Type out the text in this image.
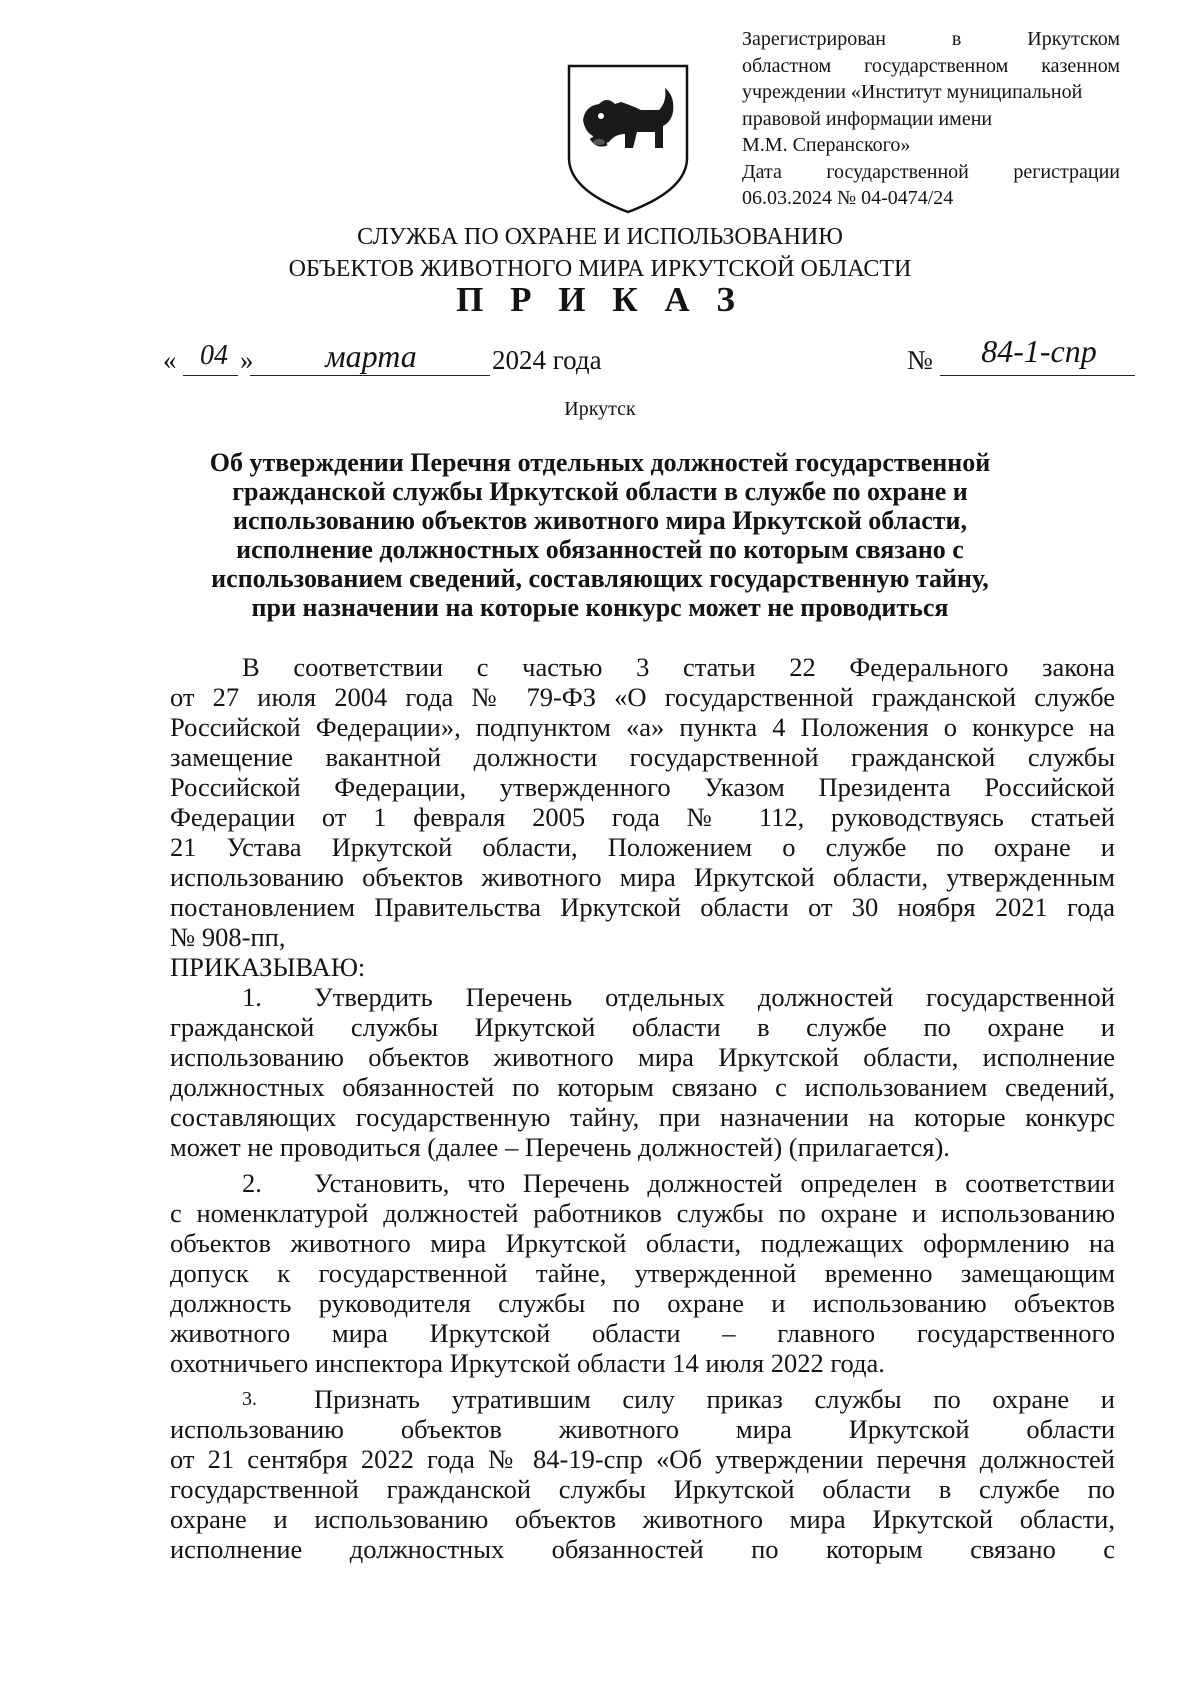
Зарегистрирован в Иркутском
областном государственном казенном
учреждении «Институт муниципальной
правовой информации имени
М.М. Сперанского»
Дата государственной регистрации
06.03.2024 № 04-0474/24
СЛУЖБА ПО ОХРАНЕ И ИСПОЛЬЗОВАНИЮ
ОБЪЕКТОВ ЖИВОТНОГО МИРА ИРКУТСКОЙ ОБЛАСТИ
П Р И К А З
« 04 »	марта	2024 года	№	84-1-спр
Иркутск
Об утверждении Перечня отдельных должностей государственной
гражданской службы Иркутской области в службе по охране и
использованию объектов животного мира Иркутской области,
исполнение должностных обязанностей по которым связано с
использованием сведений, составляющих государственную тайну,
при назначении на которые конкурс может не проводиться
В соответствии с частью 3 статьи 22 Федерального закона
от 27 июля 2004 года № 79-ФЗ «О государственной гражданской службе
Российской Федерации», подпунктом «а» пункта 4 Положения о конкурсе на
замещение вакантной должности государственной гражданской службы
Российской Федерации, утвержденного Указом Президента Российской
Федерации от 1 февраля 2005 года № 112, руководствуясь статьей
21 Устава Иркутской области, Положением о службе по охране и
использованию объектов животного мира Иркутской области, утвержденным
постановлением Правительства Иркутской области от 30 ноября 2021 года
№ 908-пп,
ПРИКАЗЫВАЮ:
1.	Утвердить Перечень отдельных должностей государственной
гражданской службы Иркутской области в службе по охране и
использованию объектов животного мира Иркутской области, исполнение
должностных обязанностей по которым связано с использованием сведений,
составляющих государственную тайну, при назначении на которые конкурс
может не проводиться (далее – Перечень должностей) (прилагается).
2.	Установить, что Перечень должностей определен в соответствии
с номенклатурой должностей работников службы по охране и использованию
объектов животного мира Иркутской области, подлежащих оформлению на
допуск к государственной тайне, утвержденной временно замещающим
должность руководителя службы по охране и использованию объектов
животного мира Иркутской области – главного государственного
охотничьего инспектора Иркутской области 14 июля 2022 года.
3.	Признать утратившим силу приказ службы по охране и
использованию объектов животного мира Иркутской области
от 21 сентября 2022 года № 84-19-спр «Об утверждении перечня должностей
государственной гражданской службы Иркутской области в службе по
охране и использованию объектов животного мира Иркутской области,
исполнение должностных обязанностей по которым связано с
